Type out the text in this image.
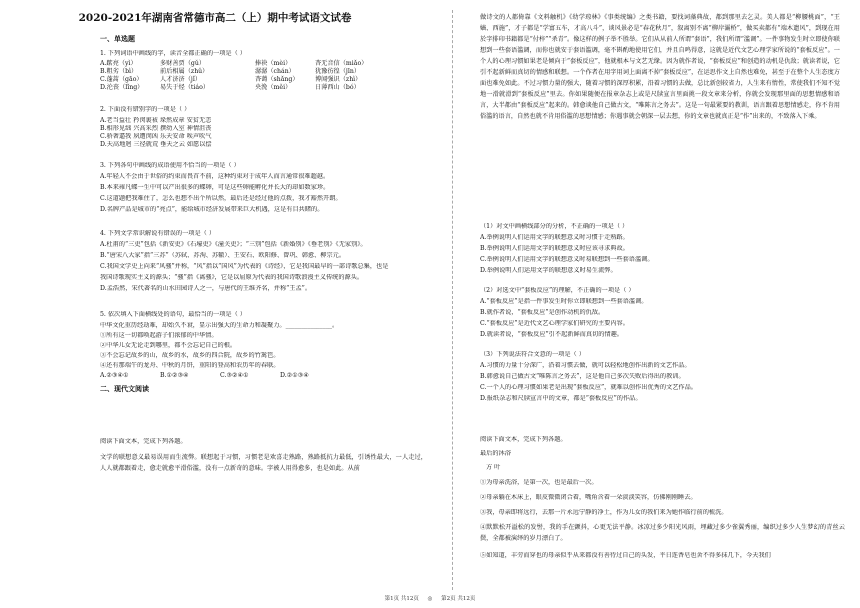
2020-2021年湖南省常德市高二（上）期中考试语文试卷
一、单选题
1. 下列词语中画线的字，读音全都正确的一项是（ ）
A.踮亮（yì）	多财善贾（gǔ）	捧袂（mèi）	杳无音信（miǎo）
B.粗劣（bì）	前后相属（zhǔ）	潺潺（chán）	犹豫彷徨（jīn）
C.蓬蒿（gāo）	人才济济（jǐ）	杳蔼（shǎng）	博闻强识（zhì）
D.沦丧（lǐng）	易失于烃（tiáo）	央浼（měi）	日薄西山（bó）
2. 下面没有错别字的一项是（ ）
A.老当益壮 矜闵裹袚 垛然成章 安贫无恙
B.相形见绌 兴高采烈 撰幼入室 神情沮丧
C.骄奢逼我 夙遭闵凶 乐天安命 唉声吹气
D.天高地迥 三径就荒 垂天之云 如愿以偿
3. 下列各句中画线的成语使用不恰当的一项是（ ）
A.年轻人不会由于世俗的约束而畏首不前，这种约束对于成年人而言通常很难超越。
B.本来雍凡蝶一生中可以产出很多的蝶卵，可是这些卵能孵化并长大的却如数家珍。
C.这道题把我难住了，怎么也想不出个所以然，最后还是经过他的点拨，我才豁然开朗。
D.名牌产品是城市的“亮点”，能给城市经济发展带来巨大机遇，这是有目共睹的。
4. 下列文学常识解说有错误的一项是（ ）
A.杜甫的“三吏”包括《新安吏》《石壕吏》《潼关吏》；“三别”包括《新婚别》《垂老别》《无家别》。
B.“唐宋八大家”指“三苏”（苏轼、苏洵、苏辙）、王安石、欧阳修、曾巩、韩愈、柳宗元。
C.我国文学史上向来“风骚”并称，“风”指以“国风”为代表的《诗经》，它是我国最早的一部诗歌总集，也是
我国诗歌现实主义的源头；“骚”指《离骚》，它是以屈原为代表的我国诗歌浪漫主义传统的源头。
D.孟浩然，宋代著名的山水田园诗人之一，与唐代的王维齐名，并称“王孟”。
5. 依次填入下面横线处的语句，最恰当的一项是（ ）
中华文化重历经劫难，却始久不衰，显示出强大的生命力和凝聚力。_______________。
①所有这一切都唤起游子们浓郁的中华情。
②中华儿女无论走到哪里，都不会忘记自己的根。
③不会忘记故乡的山，故乡的水，故乡的四合院，故乡的竹篱笆。
④还有那端午的龙舟、中秋的月饼，重阳的登高和农历年的春联。
A.②③④①	B.①②③④	C.③②④①	D.②①③④
二、现代文阅读
阅读下面文本，完成下列各题。
文学的联想意义最易误用而生流弊。联想起于习惯，习惯老是欢喜走熟路，熟路抵抗力最低，引诱性最大，一人走过，人人就都跟着走，愈走就愈平滑俗滥，没有一点新奇的意味。字被人用得愈多，也是如此。从前
做诗文的人都倚靠《文料触机》《幼学琼林》《事类统编》之类书籍，要找词藻典故，都到那里去乞灵。美人都是“柳腰桃面”，“王嫱、西施”，才子都是“学富五车，才高八斗”，谈风景必是“春花秋月”，叙离别不离“柳岸灞桥”，做买卖都有“端木遗风”，到现在用於字排印书籍都是“付梓”“杀青”。像这样的例子举不胜举。它们从从前人所谓“套语”，我们所谓“滥调”。一件事物发生时立即使你联想到一些套语滥调，而你也就安于套语滥调，毫不斟酌地使用它们，并且自鸣得意，这就是近代文艺心理学家所说的“套板反应”。一个人的心理习惯如果老是倾向于“套板反应”，他就根本与文艺无缘。因为就作者说，“套板反应”和创造的动机是仇敌；就读者说，它引不起新鲜而真切的情感和联想。一个作者在用字用词上面离不掉“套板反应”，在运思作文上自然也难免，甚至于在整个人生态度方面也难免如此。不过习惯力量的强大，随着习惯的深厚积累，沿着习惯的去做，总比新创较省力，人生来有惰性，常使我们不知不觉地一滑就滑到“套板反应”里去。你如果随便在报章杂志上或是尺牍宣言里面挑一段文章来分析，你就会发现那里面的思想情感和语言，大半都由“套板反应”起来的。韩愈谈他自己做古文，“唯陈言之务去”。这是一句最紧要的教训，语言跟着思想情感走，你不肯用俗滥的语言，自然也就不肯用俗滥的思想情感；你遇事就会朝深一层去想，你的文章也就真正是“作”出来的，不致落入下乘。
（1）对文中画横线部分的分析，不正确的一项是（ ）
A.举例说明人们运用文字的联想意义时习惯于走熟路。
B.举例说明人们运用文字的联想意义时应该寻求典故。
C.举例说明人们运用文字的联想意义时易联想到一些套语滥调。
D.举例说明人们运用文字的联想意义时易生流弊。
（2）对选文中“套板反应”的理解，不正确的一项是（ ）
A.“套板反应”是指一件事发生时你立即联想到一些套语滥调。
B.就作者说，“套板反应”是创作动机的仇敌。
C.“套板反应”是近代文艺心理学家们研究的主要内容。
D.就读者说，“套板反应”引不起新鲜而真切的情趣。
（3）下列说法符合文意的一项是（ ）
A.习惯的力量十分深广，沿着习惯去做，就可以轻松地创作出新的文艺作品。
B.韩愈说自己做古文“唯陈言之务去”，这是他自己多次失败后得出的教训。
C.一个人的心理习惯如果老是出现“套板反应”，就难以创作出优秀的文艺作品。
D.报纸杂志和尺牍宣言中的文章，都是“套板反应”的作品。
阅读下面文本，完成下列各题。
最后的沐浴
方 叶
①为母亲洗浴，是第一次，也是最后一次。
②母亲躺在木床上，眼皮微微闭合着，嘴角含着一朵淡淡笑容，仿佛刚刚睡去。
③我，母亲即将远行，去那一片永远宁静的净土，作为儿女的我们来为她作临行前的梳洗。
④默默松开溢松的发髻，我的手在颤抖，心更无法平静。冰凉过多少阳光风雨，埋藏过多少雀翼秀丽，编织过多少人生梦幻的青丝云鬓，全都被演绎的岁月漂白了。
⑤如知道，丰劳而穿也的母亲似乎从来都没有善待过自己的头发，平日连香皂也舍不得多抹几下，今天我们
第1页 共12页 ◎ 第2页 共12页
